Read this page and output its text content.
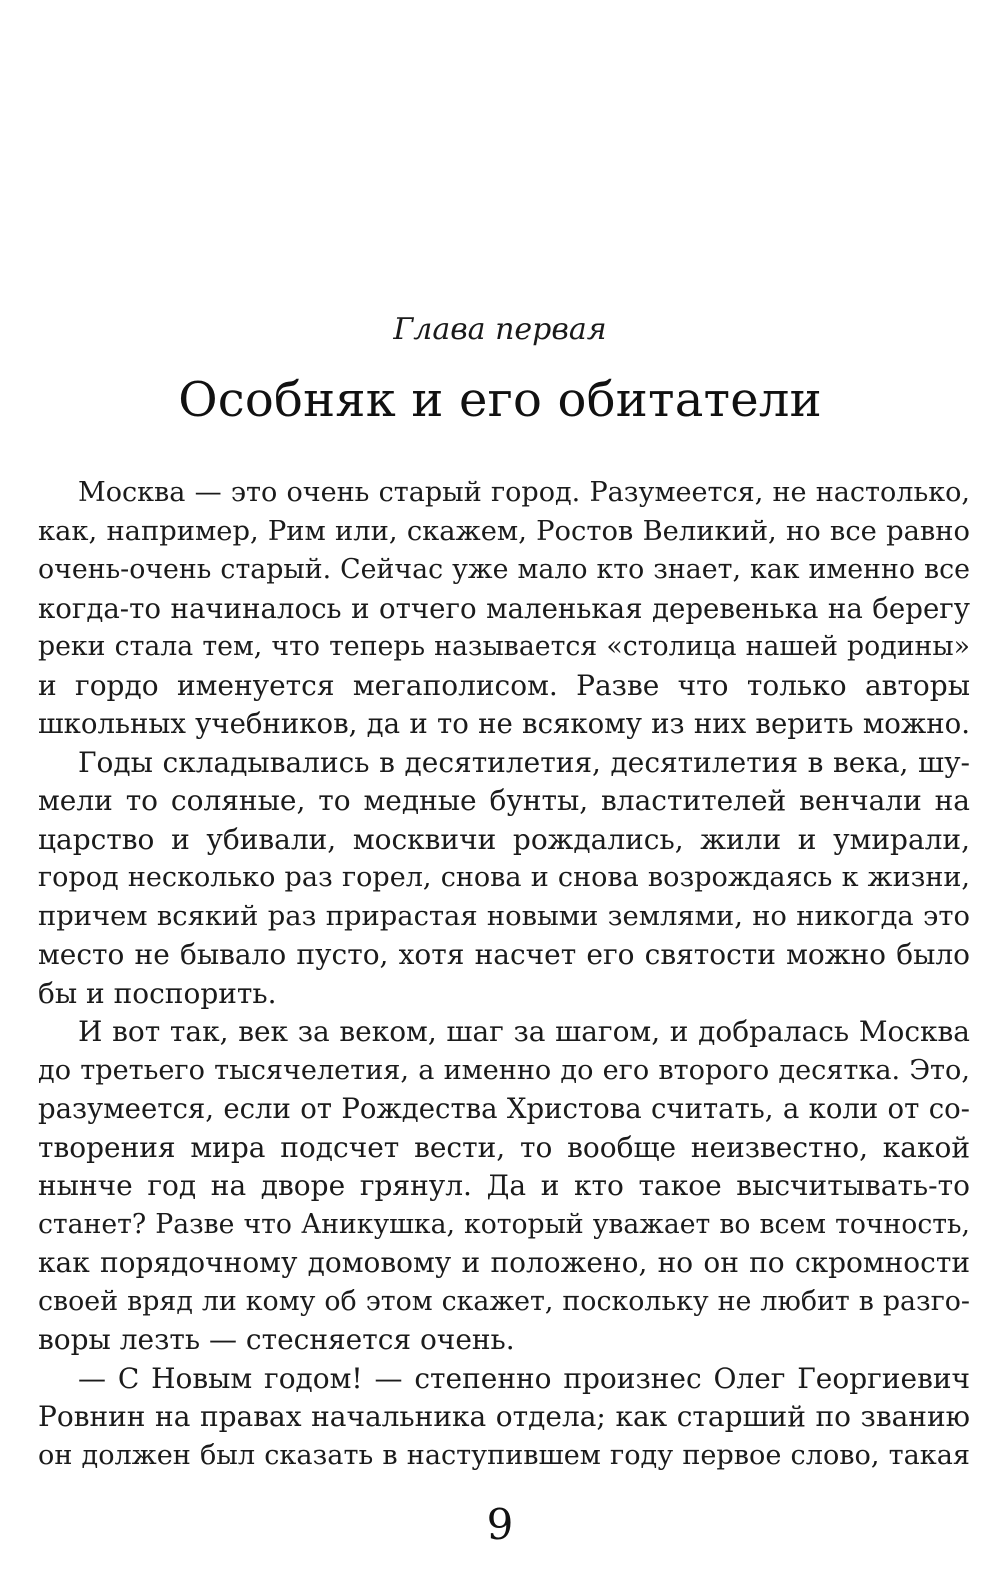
Глава первая
Особняк и его обитатели
Москва — это очень старый город. Разумеется, не настолько,
как, например, Рим или, скажем, Ростов Великий, но все равно
очень-очень старый. Сейчас уже мало кто знает, как именно все
когда-то начиналось и отчего маленькая деревенька на берегу
реки стала тем, что теперь называется «столица нашей родины»
и гордо именуется мегаполисом. Разве что только авторы
школьных учебников, да и то не всякому из них верить можно.
Годы складывались в десятилетия, десятилетия в века, шу-
мели то соляные, то медные бунты, властителей венчали на
царство и убивали, москвичи рождались, жили и умирали,
город несколько раз горел, снова и снова возрождаясь к жизни,
причем всякий раз прирастая новыми землями, но никогда это
место не бывало пусто, хотя насчет его святости можно было
бы и поспорить.
И вот так, век за веком, шаг за шагом, и добралась Москва
до третьего тысячелетия, а именно до его второго десятка. Это,
разумеется, если от Рождества Христова считать, а коли от со-
творения мира подсчет вести, то вообще неизвестно, какой
нынче год на дворе грянул. Да и кто такое высчитывать-то
станет? Разве что Аникушка, который уважает во всем точность,
как порядочному домовому и положено, но он по скромности
своей вряд ли кому об этом скажет, поскольку не любит в разго-
воры лезть — стесняется очень.
— С Новым годом! — степенно произнес Олег Георгиевич
Ровнин на правах начальника отдела; как старший по званию
он должен был сказать в наступившем году первое слово, такая
9
